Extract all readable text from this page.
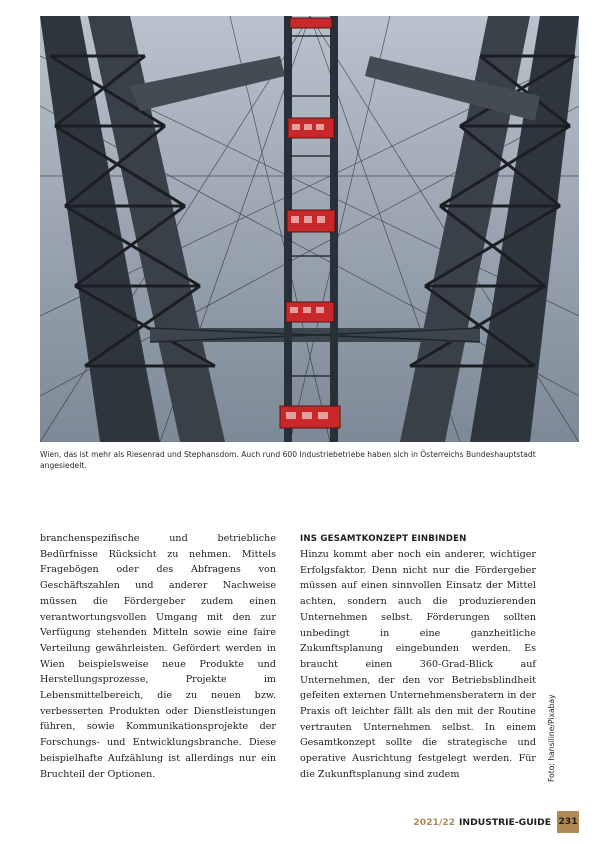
Wien, das ist mehr als Riesenrad und Stephansdom. Auch rund 600 Industriebetriebe haben sich in Österreichs Bundeshauptstadt angesiedelt.

branchenspezifische und betriebliche Bedürfnisse Rücksicht zu nehmen. Mittels Fragebögen oder des Abfragens von Geschäftszahlen und anderer Nachweise müssen die Fördergeber zudem einen verantwortungsvollen Umgang mit den zur Verfügung stehenden Mitteln sowie eine faire Verteilung gewährleisten. Gefördert werden in Wien beispielsweise neue Produkte und Herstellungsprozesse, Projekte im Lebensmittelbereich, die zu neuen bzw. verbesserten Produkten oder Dienstleistungen führen, sowie Kommunikationsprojekte der Forschungs- und Entwicklungsbranche. Diese beispielhafte Aufzählung ist allerdings nur ein Bruchteil der Optionen.

INS GESAMTKONZEPT EINBINDEN

Hinzu kommt aber noch ein anderer, wichtiger Erfolgsfaktor. Denn nicht nur die Fördergeber müssen auf einen sinnvollen Einsatz der Mittel achten, sondern auch die produzierenden Unternehmen selbst. Förderungen sollten unbedingt in eine ganzheitliche Zukunftsplanung eingebunden werden. Es braucht einen 360-Grad-Blick auf Unternehmen, der den vor Betriebsblindheit gefeiten externen Unternehmensberatern in der Praxis oft leichter fällt als den mit der Routine vertrauten Unternehmen selbst. In einem Gesamtkonzept sollte die strategische und operative Ausrichtung festgelegt werden. Für die Zukunftsplanung sind zudem	Foto: hansiline/Pixabay

2021/22 INDUSTRIE-GUIDE 231
